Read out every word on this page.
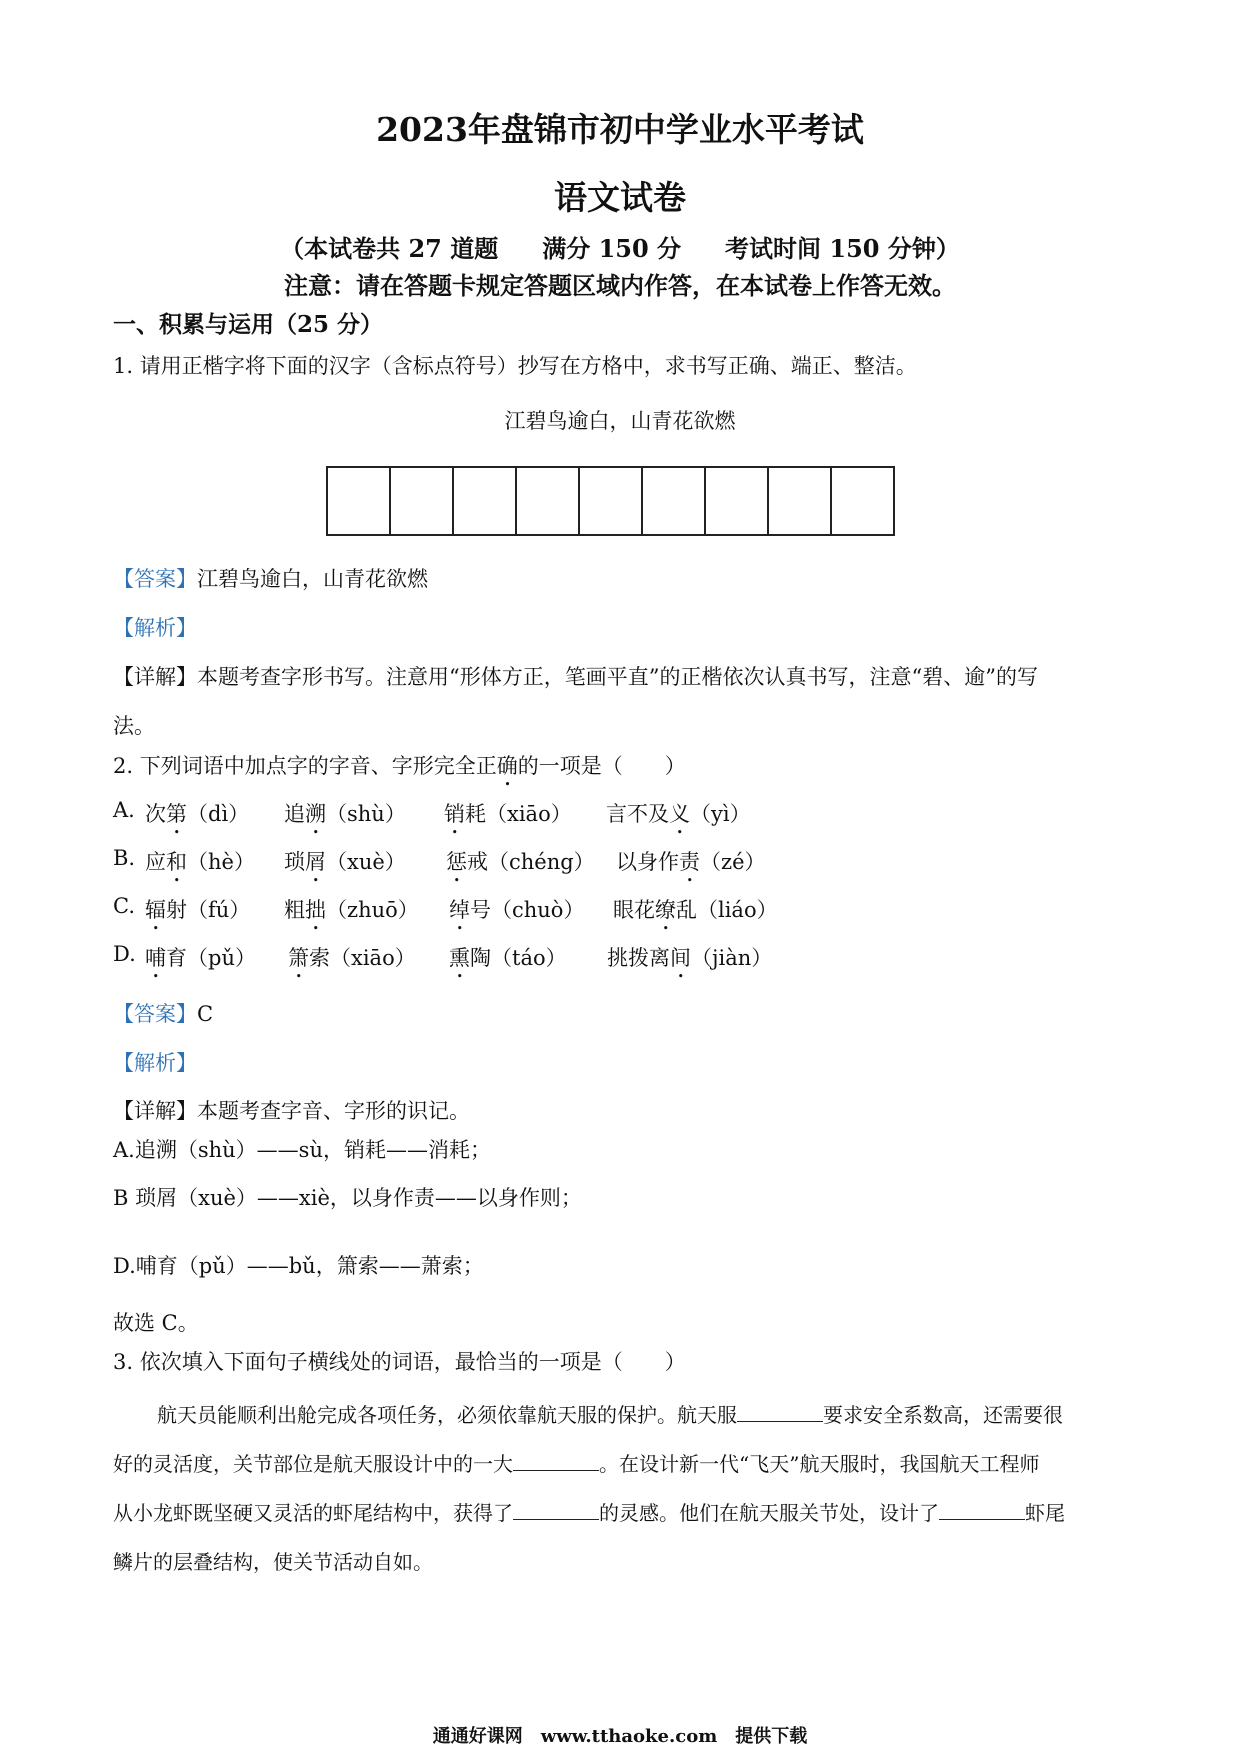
2023年盘锦市初中学业水平考试
语文试卷
（本试卷共 27 道题 满分 150 分 考试时间 150 分钟）
注意：请在答题卡规定答题区域内作答，在本试卷上作答无效。
一、积累与运用（25 分）
1. 请用正楷字将下面的汉字（含标点符号）抄写在方格中，求书写正确、端正、整洁。
江碧鸟逾白，山青花欲燃
【答案】江碧鸟逾白，山青花欲燃
【解析】
【详解】本题考查字形书写。注意用“形体方正，笔画平直”的正楷依次认真书写，注意“碧、逾”的写
法。
2. 下列词语中加点字的字音、字形完全正确的一项是（　　）
A. 次第（dì） 追溯（shù） 销耗（xiāo） 言不及义（yì）
B. 应和（hè） 琐屑（xuè） 惩戒（chéng） 以身作责（zé）
C. 辐射（fú） 粗拙（zhuō） 绰号（chuò） 眼花缭乱（liáo）
D. 哺育（pǔ） 箫索（xiāo） 熏陶（táo） 挑拨离间（jiàn）
【答案】C
【解析】
【详解】本题考查字音、字形的识记。
A.追溯（shù）——sù，销耗——消耗；
B 琐屑（xuè）——xiè，以身作责——以身作则；
D.哺育（pǔ）——bǔ，箫索——萧索；
故选 C。
3. 依次填入下面句子横线处的词语，最恰当的一项是（　　）

航天员能顺利出舱完成各项任务，必须依靠航天服的保护。航天服	要求安全系数高，还需要很

好的灵活度，关节部位是航天服设计中的一大	。在设计新一代“飞天”航天服时，我国航天工程师

从小龙虾既坚硬又灵活的虾尾结构中，获得了	的灵感。他们在航天服关节处，设计了	虾尾

鳞片的层叠结构，使关节活动自如。

通通好课网　www.tthaoke.com　提供下载
